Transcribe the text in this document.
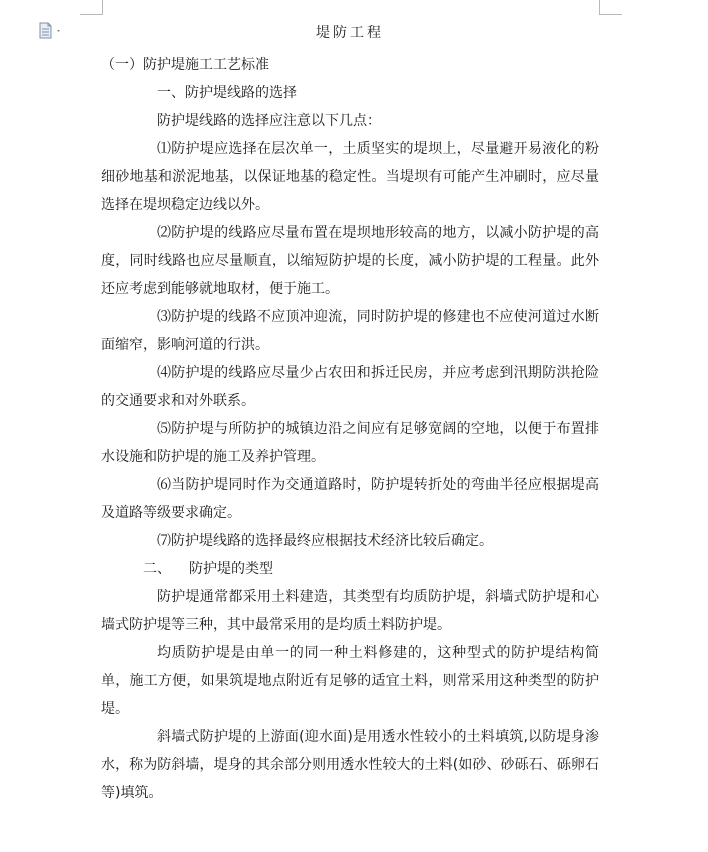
堤防工程
（一）防护堤施工工艺标准
一、防护堤线路的选择
防护堤线路的选择应注意以下几点：
⑴防护堤应选择在层次单一，土质坚实的堤坝上，尽量避开易液化的粉细砂地基和淤泥地基，以保证地基的稳定性。当堤坝有可能产生冲刷时，应尽量选择在堤坝稳定边线以外。
⑵防护堤的线路应尽量布置在堤坝地形较高的地方，以减小防护堤的高度，同时线路也应尽量顺直，以缩短防护堤的长度，减小防护堤的工程量。此外还应考虑到能够就地取材，便于施工。
⑶防护堤的线路不应顶冲迎流，同时防护堤的修建也不应使河道过水断面缩窄，影响河道的行洪。
⑷防护堤的线路应尽量少占农田和拆迁民房，并应考虑到汛期防洪抢险的交通要求和对外联系。
⑸防护堤与所防护的城镇边沿之间应有足够宽阔的空地，以便于布置排水设施和防护堤的施工及养护管理。
⑹当防护堤同时作为交通道路时，防护堤转折处的弯曲半径应根据堤高及道路等级要求确定。
⑺防护堤线路的选择最终应根据技术经济比较后确定。
二、 防护堤的类型
防护堤通常都采用土料建造，其类型有均质防护堤，斜墙式防护堤和心墙式防护堤等三种，其中最常采用的是均质土料防护堤。
均质防护堤是由单一的同一种土料修建的，这种型式的防护堤结构简单，施工方便，如果筑堤地点附近有足够的适宜土料，则常采用这种类型的防护堤。
斜墙式防护堤的上游面(迎水面)是用透水性较小的土料填筑,以防堤身渗水，称为防斜墙，堤身的其余部分则用透水性较大的土料(如砂、砂砾石、砾卵石等)填筑。
